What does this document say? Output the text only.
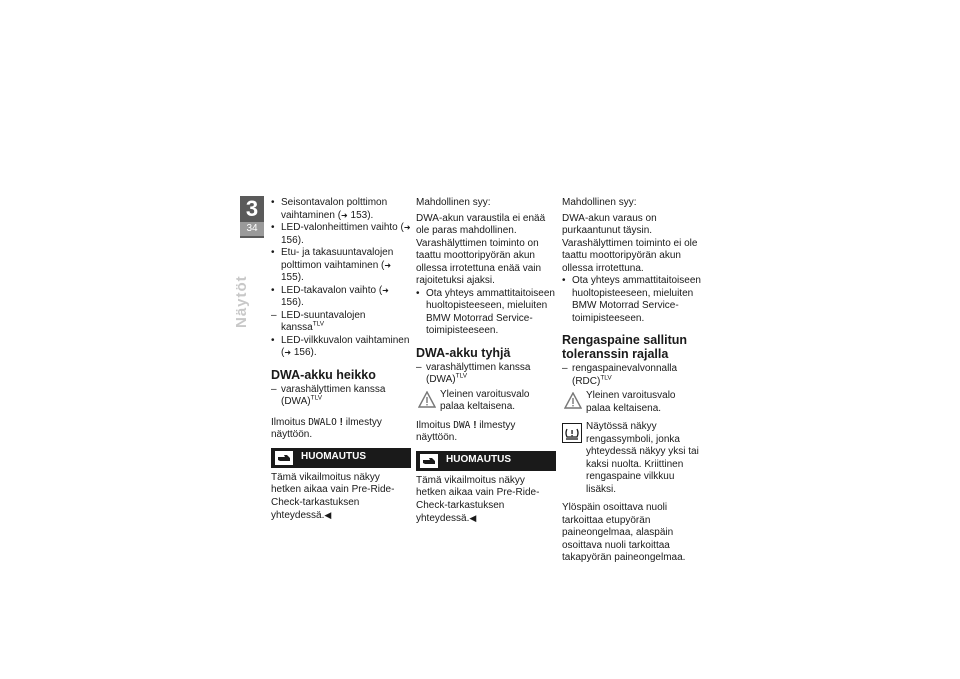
3
34
Näytöt

• Seisontavalon polttimon vaihtaminen (➜ 153).

• LED-valonheittimen vaihto (➜ 156).

• Etu- ja takasuuntavalojen polttimon vaihtaminen (➜ 155).

• LED-takavalon vaihto (➜ 156).

– LED-suuntavalojen kanssa$^{TLV}$

• LED-vilkkuvalon vaihtaminen (➜ 156).

DWA-akku heikko

– varashälyttimen kanssa (DWA)$^{TLV}$

Ilmoitus DWALO ! ilmestyy näyttöön.

HUOMAUTUS

Tämä vikailmoitus näkyy hetken aikaa vain Pre-Ride-Check-tarkastuksen yhteydessä.◀

Mahdollinen syy:

DWA-akun varaustila ei enää ole paras mahdollinen. Varashälyttimen toiminto on taattu moottoripyörän akun ollessa irrotettuna enää vain rajoitetuksi ajaksi.

• Ota yhteys ammattitaitoiseen huoltopisteeseen, mieluiten BMW Motorrad Service-toimipisteeseen.

DWA-akku tyhjä

– varashälyttimen kanssa (DWA)$^{TLV}$

Yleinen varoitusvalo palaa keltaisena.

Ilmoitus DWA ! ilmestyy näyttöön.

HUOMAUTUS

Tämä vikailmoitus näkyy hetken aikaa vain Pre-Ride-Check-tarkastuksen yhteydessä.◀

Mahdollinen syy:

DWA-akun varaus on purkaantunut täysin. Varashälyttimen toiminto ei ole taattu moottoripyörän akun ollessa irrotettuna.

• Ota yhteys ammattitaitoiseen huoltopisteeseen, mieluiten BMW Motorrad Service-toimipisteeseen.

Rengaspaine sallitun toleranssin rajalla

– rengaspainevalvonnalla (RDC)$^{TLV}$

Yleinen varoitusvalo palaa keltaisena.
Näytössä näkyy rengassymboli, jonka yhteydessä näkyy yksi tai kaksi nuolta. Kriittinen rengaspaine vilkkuu lisäksi.

Ylöspäin osoittava nuoli tarkoittaa etupyörän paineongelmaa, alaspäin osoittava nuoli tarkoittaa takapyörän paineongelmaa.
